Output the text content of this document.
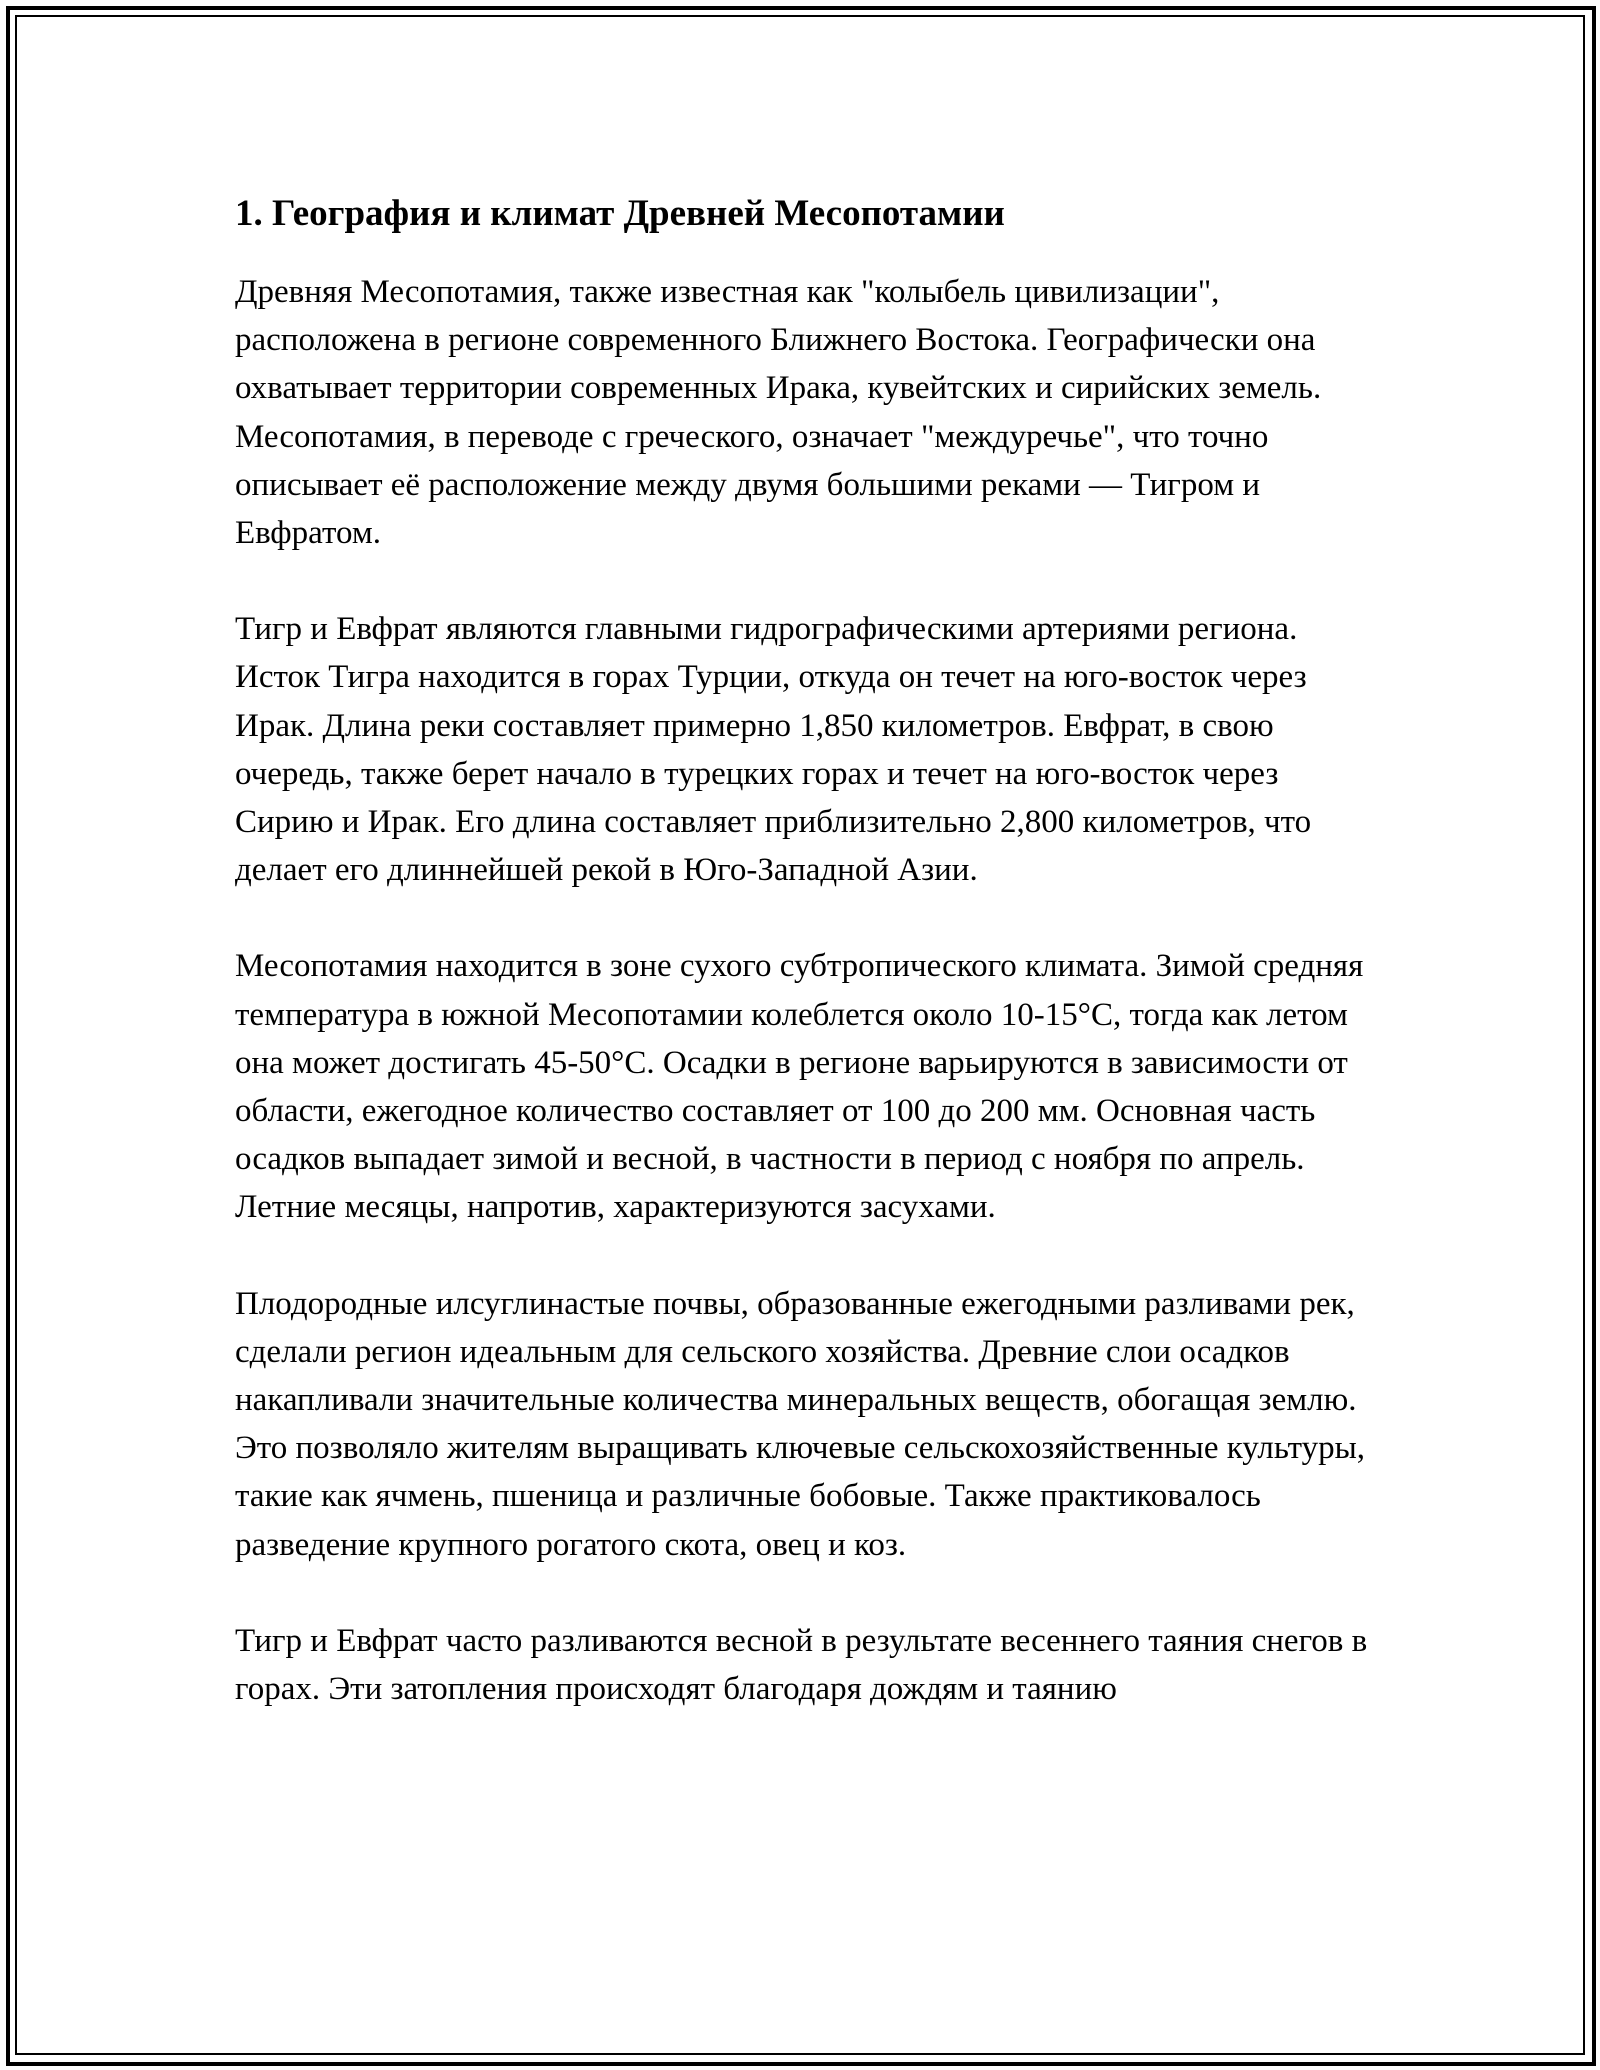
1. География и климат Древней Месопотамии

Древняя Месопотамия, также известная как "колыбель цивилизации", расположена в регионе современного Ближнего Востока. Географически она охватывает территории современных Ирака, кувейтских и сирийских земель. Месопотамия, в переводе с греческого, означает "междуречье", что точно описывает её расположение между двумя большими реками — Тигром и Евфратом.

Тигр и Евфрат являются главными гидрографическими артериями региона. Исток Тигра находится в горах Турции, откуда он течет на юго-восток через Ирак. Длина реки составляет примерно 1,850 километров. Евфрат, в свою очередь, также берет начало в турецких горах и течет на юго-восток через Сирию и Ирак. Его длина составляет приблизительно 2,800 километров, что делает его длиннейшей рекой в Юго-Западной Азии.

Месопотамия находится в зоне сухого субтропического климата. Зимой средняя температура в южной Месопотамии колеблется около 10-15°C, тогда как летом она может достигать 45-50°C. Осадки в регионе варьируются в зависимости от области, ежегодное количество составляет от 100 до 200 мм. Основная часть осадков выпадает зимой и весной, в частности в период с ноября по апрель. Летние месяцы, напротив, характеризуются засухами.

Плодородные илсуглинастые почвы, образованные ежегодными разливами рек, сделали регион идеальным для сельского хозяйства. Древние слои осадков накапливали значительные количества минеральных веществ, обогащая землю. Это позволяло жителям выращивать ключевые сельскохозяйственные культуры, такие как ячмень, пшеница и различные бобовые. Также практиковалось разведение крупного рогатого скота, овец и коз.

Тигр и Евфрат часто разливаются весной в результате весеннего таяния снегов в горах. Эти затопления происходят благодаря дождям и таянию
